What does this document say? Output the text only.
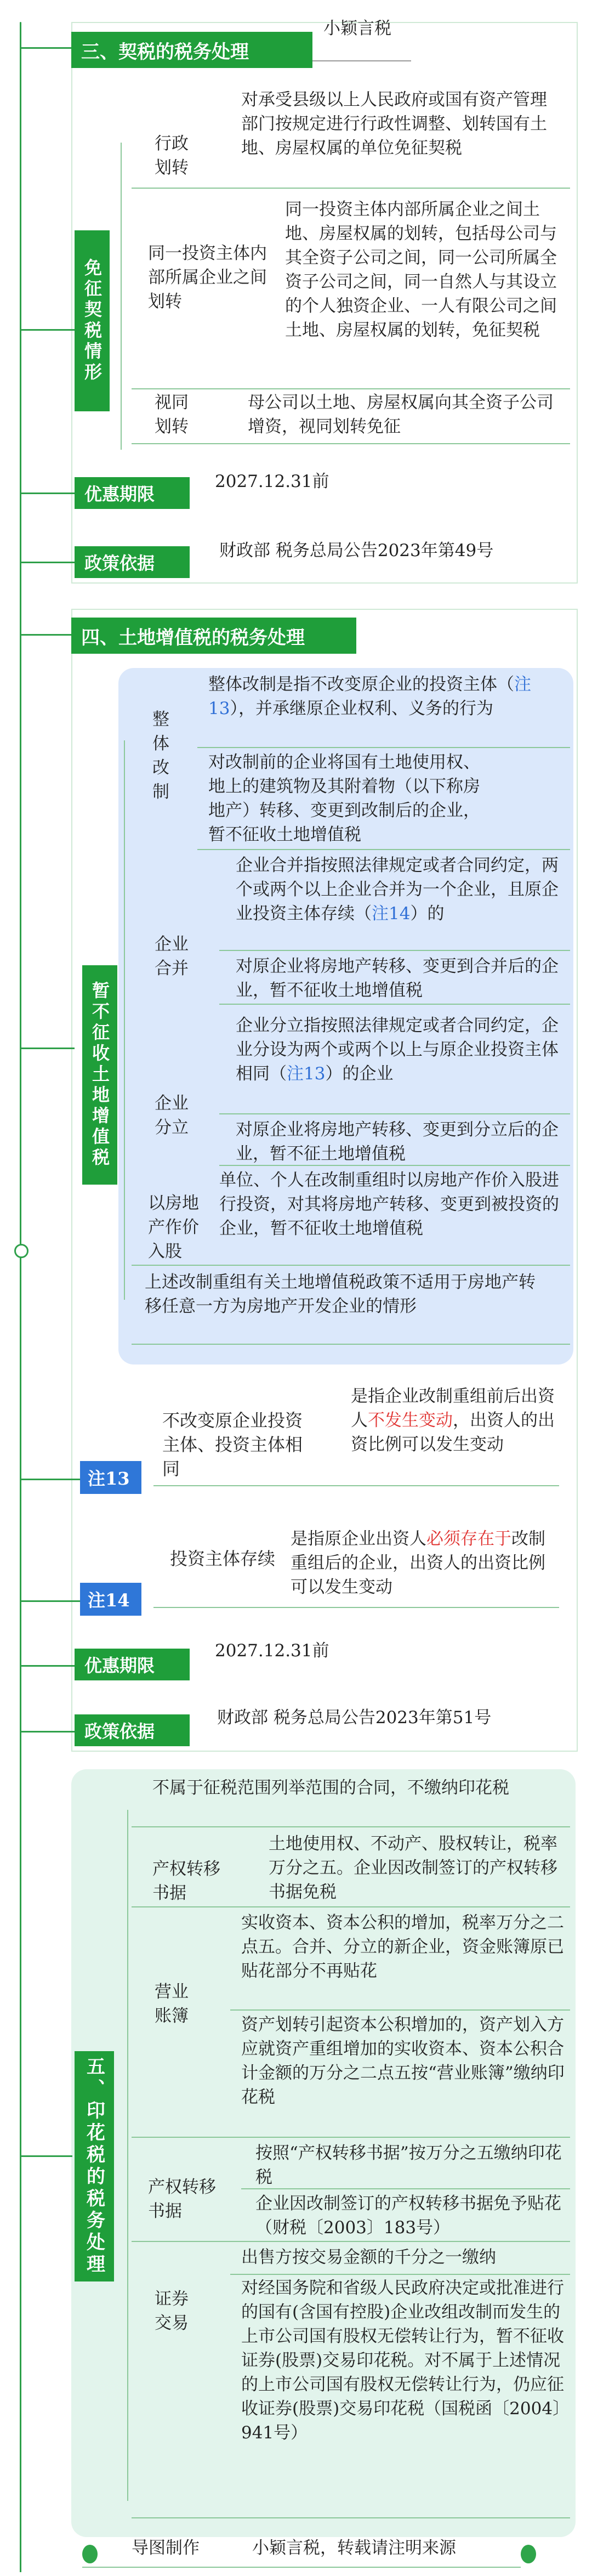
三、契税的税务处理
小颖言税
免征契税情形
行政划转
对承受县级以上人民政府或国有资产管理部门按规定进行行政性调整、划转国有土地、房屋权属的单位免征契税
同一投资主体内部所属企业之间划转
同一投资主体内部所属企业之间土地、房屋权属的划转，包括母公司与其全资子公司之间，同一公司所属全资子公司之间，同一自然人与其设立的个人独资企业、一人有限公司之间土地、房屋权属的划转，免征契税
视同划转
母公司以土地、房屋权属向其全资子公司增资，视同划转免征
优惠期限
2027.12.31前
政策依据
财政部 税务总局公告2023年第49号
四、土地增值税的税务处理
暂不征收土地增值税
整体改制
整体改制是指不改变原企业的投资主体（注13），并承继原企业权利、义务的行为
对改制前的企业将国有土地使用权、地上的建筑物及其附着物（以下称房地产）转移、变更到改制后的企业，暂不征收土地增值税
企业合并
企业合并指按照法律规定或者合同约定，两个或两个以上企业合并为一个企业，且原企业投资主体存续（注14）的
对原企业将房地产转移、变更到合并后的企业，暂不征收土地增值税
企业分立
企业分立指按照法律规定或者合同约定，企业分设为两个或两个以上与原企业投资主体相同（注13）的企业
对原企业将房地产转移、变更到分立后的企业，暂不征土地增值税
以房地产作价入股
单位、个人在改制重组时以房地产作价入股进行投资，对其将房地产转移、变更到被投资的企业，暂不征收土地增值税
上述改制重组有关土地增值税政策不适用于房地产转移任意一方为房地产开发企业的情形
注13
不改变原企业投资主体、投资主体相同
是指企业改制重组前后出资人不发生变动，出资人的出资比例可以发生变动
注14
投资主体存续
是指原企业出资人必须存在于改制重组后的企业，出资人的出资比例可以发生变动
优惠期限
2027.12.31前
政策依据
财政部 税务总局公告2023年第51号
五、印花税的税务处理
不属于征税范围列举范围的合同，不缴纳印花税
产权转移书据
土地使用权、不动产、股权转让，税率万分之五。企业因改制签订的产权转移书据免税
营业账簿
实收资本、资本公积的增加，税率万分之二点五。合并、分立的新企业，资金账簿原已贴花部分不再贴花
资产划转引起资本公积增加的，资产划入方应就资产重组增加的实收资本、资本公积合计金额的万分之二点五按“营业账簿”缴纳印花税
产权转移书据
按照“产权转移书据”按万分之五缴纳印花税
企业因改制签订的产权转移书据免予贴花（财税〔2003〕183号）
证券交易
出售方按交易金额的千分之一缴纳
对经国务院和省级人民政府决定或批准进行的国有(含国有控股)企业改组改制而发生的上市公司国有股权无偿转让行为，暂不征收证券(股票)交易印花税。对不属于上述情况的上市公司国有股权无偿转让行为，仍应征收证券(股票)交易印花税（国税函〔2004〕941号）
导图制作	小颖言税，转载请注明来源
